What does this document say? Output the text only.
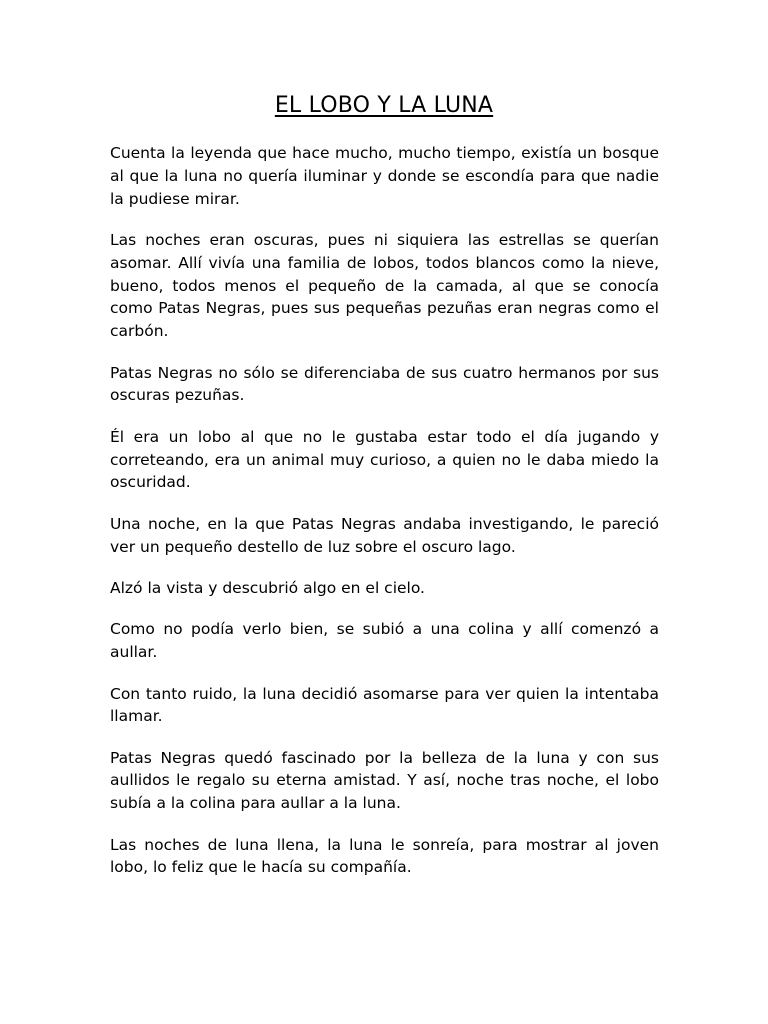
EL LOBO Y LA LUNA

Cuenta la leyenda que hace mucho, mucho tiempo, existía un bosque al que la luna no quería iluminar y donde se escondía para que nadie la pudiese mirar.

Las noches eran oscuras, pues ni siquiera las estrellas se querían asomar. Allí vivía una familia de lobos, todos blancos como la nieve, bueno, todos menos el pequeño de la camada, al que se conocía como Patas Negras, pues sus pequeñas pezuñas eran negras como el carbón.

Patas Negras no sólo se diferenciaba de sus cuatro hermanos por sus oscuras pezuñas.

Él era un lobo al que no le gustaba estar todo el día jugando y correteando, era un animal muy curioso, a quien no le daba miedo la oscuridad.

Una noche, en la que Patas Negras andaba investigando, le pareció ver un pequeño destello de luz sobre el oscuro lago.

Alzó la vista y descubrió algo en el cielo.

Como no podía verlo bien, se subió a una colina y allí comenzó a aullar.

Con tanto ruido, la luna decidió asomarse para ver quien la intentaba llamar.

Patas Negras quedó fascinado por la belleza de la luna y con sus aullidos le regalo su eterna amistad. Y así, noche tras noche, el lobo subía a la colina para aullar a la luna.

Las noches de luna llena, la luna le sonreía, para mostrar al joven lobo, lo feliz que le hacía su compañía.
